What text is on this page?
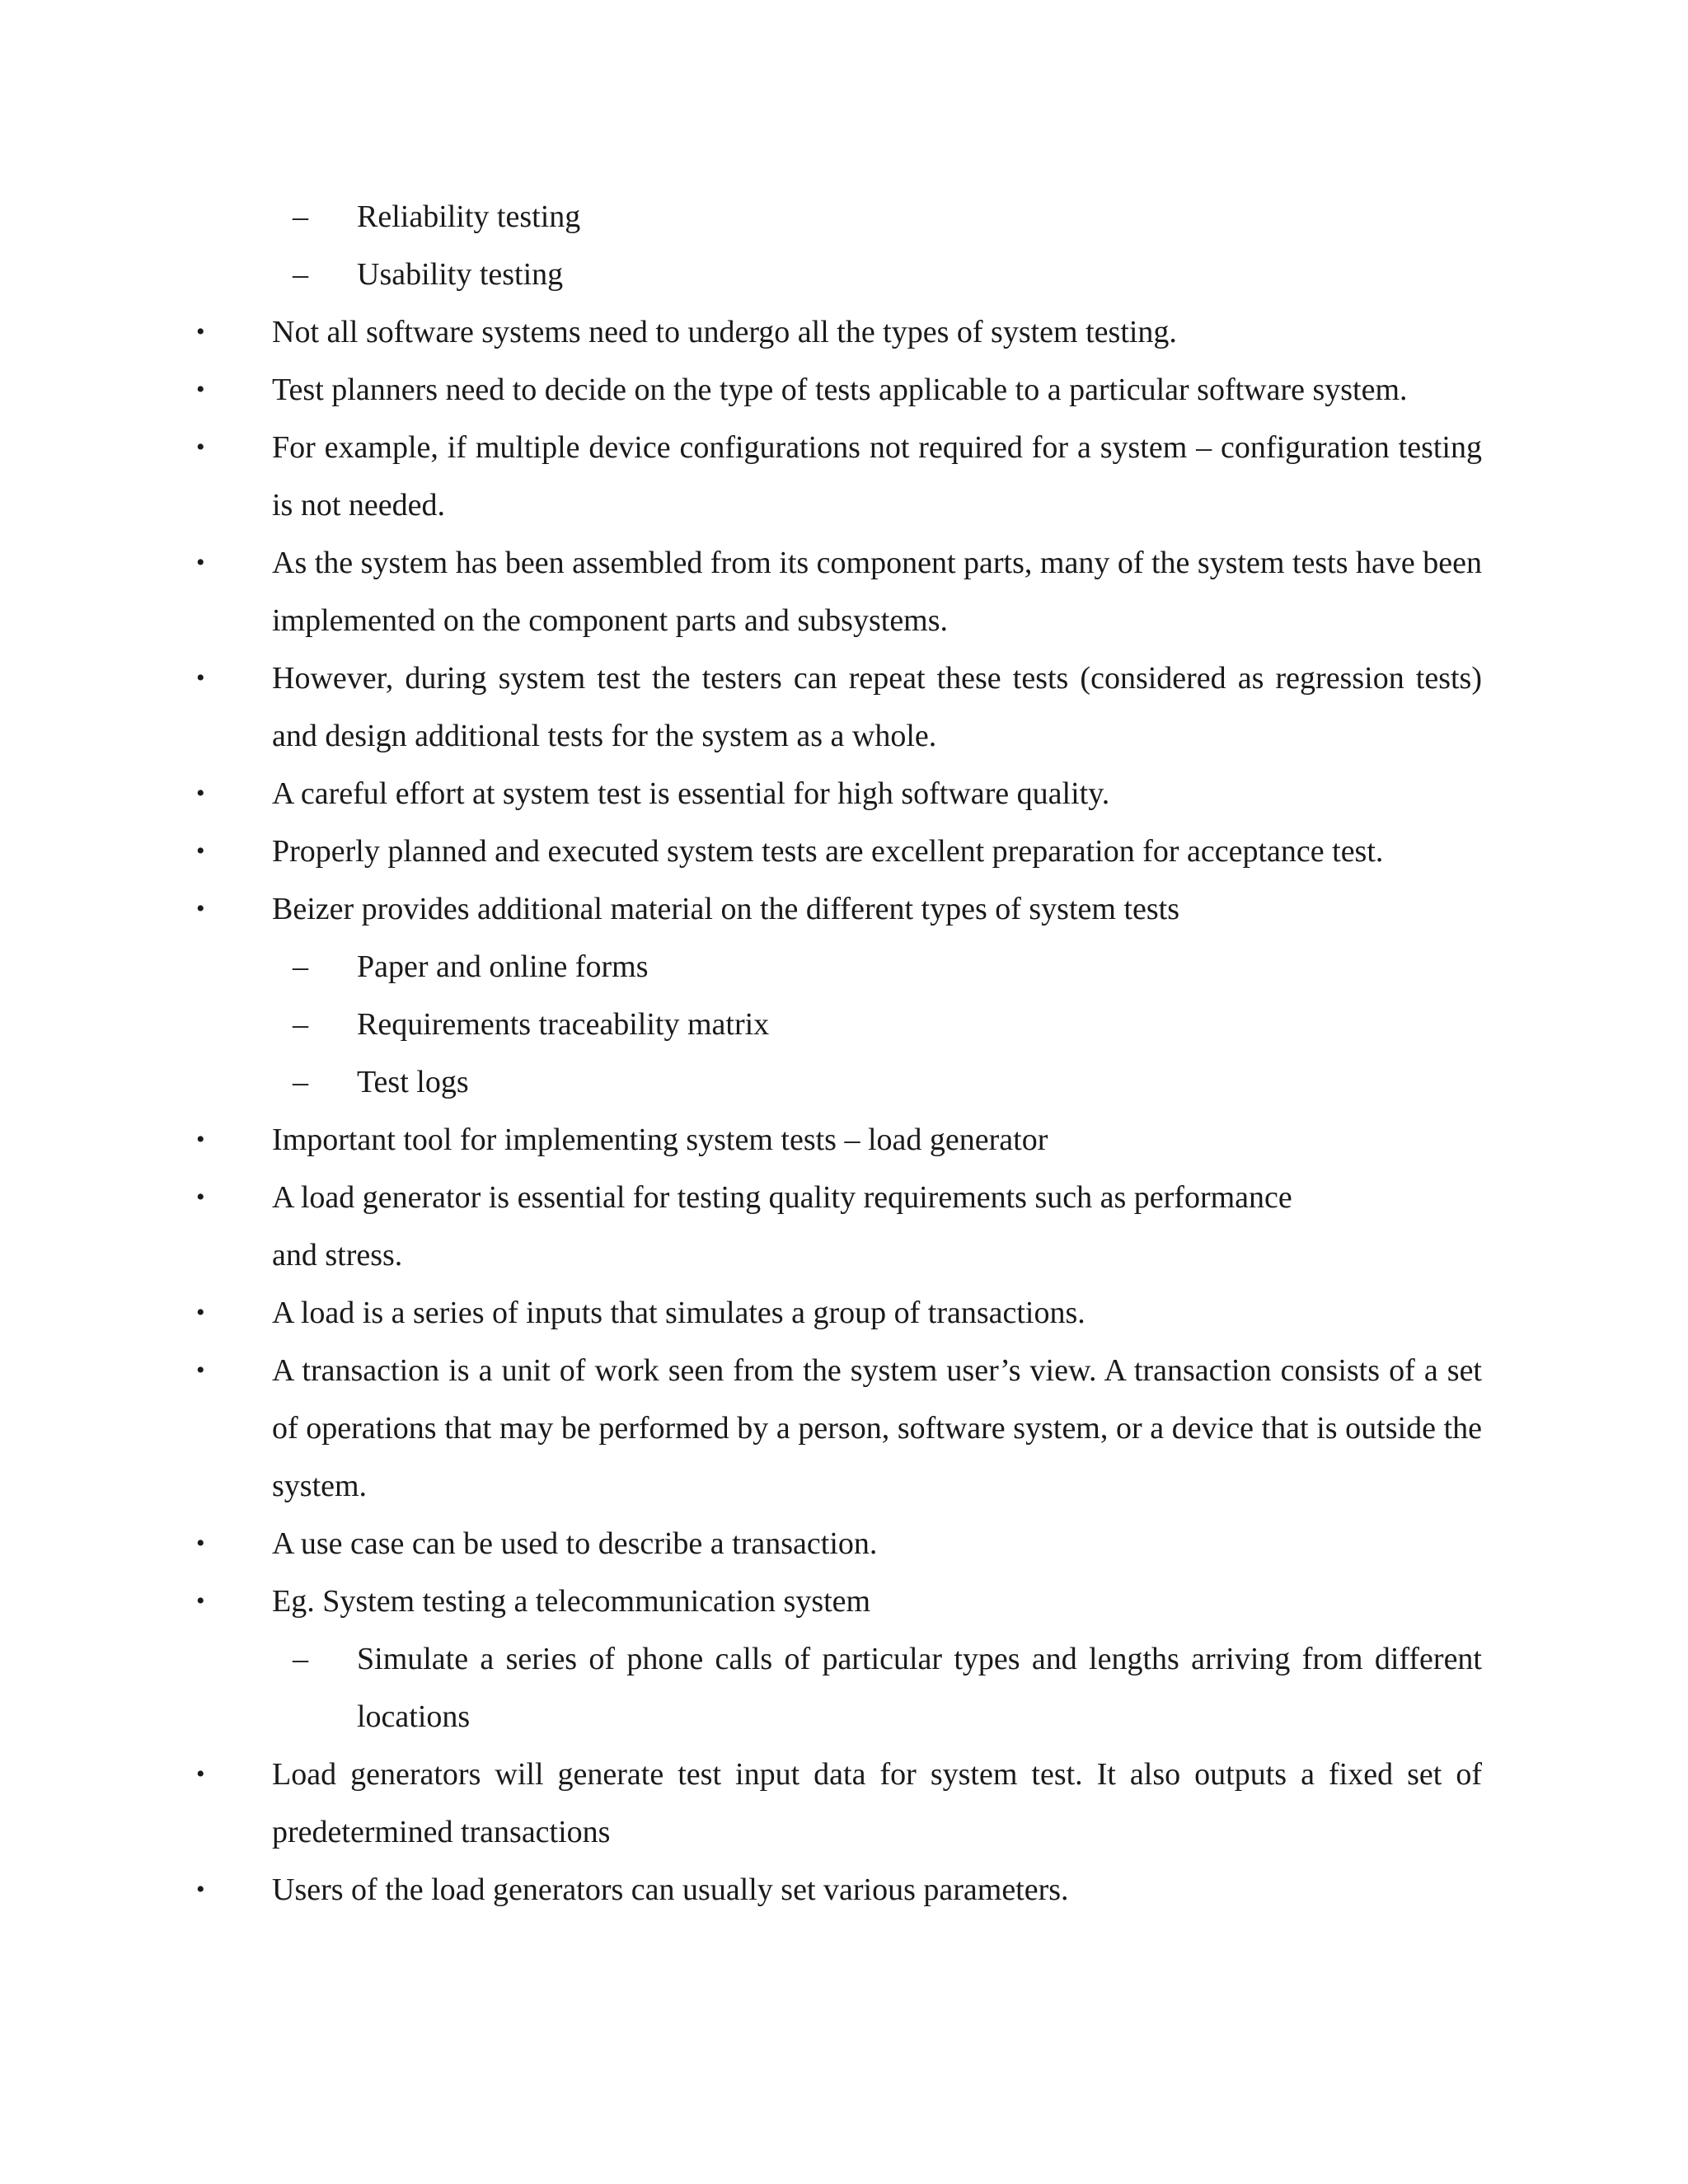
– Reliability testing
– Usability testing
• Not all software systems need to undergo all the types of system testing.
• Test planners need to decide on the type of tests applicable to a particular software system.
• For example, if multiple device configurations not required for a system – configuration testing is not needed.
• As the system has been assembled from its component parts, many of the system tests have been implemented on the component parts and subsystems.
• However, during system test the testers can repeat these tests (considered as regression tests) and design additional tests for the system as a whole.
• A careful effort at system test is essential for high software quality.
• Properly planned and executed system tests are excellent preparation for acceptance test.
• Beizer provides additional material on the different types of system tests
– Paper and online forms
– Requirements traceability matrix
– Test logs
• Important tool for implementing system tests – load generator
• A load generator is essential for testing quality requirements such as performance
and stress.
• A load is a series of inputs that simulates a group of transactions.
• A transaction is a unit of work seen from the system user’s view. A transaction consists of a set of operations that may be performed by a person, software system, or a device that is outside the system.
• A use case can be used to describe a transaction.
• Eg. System testing a telecommunication system
– Simulate a series of phone calls of particular types and lengths arriving from different locations
• Load generators will generate test input data for system test. It also outputs a fixed set of predetermined transactions
• Users of the load generators can usually set various parameters.
